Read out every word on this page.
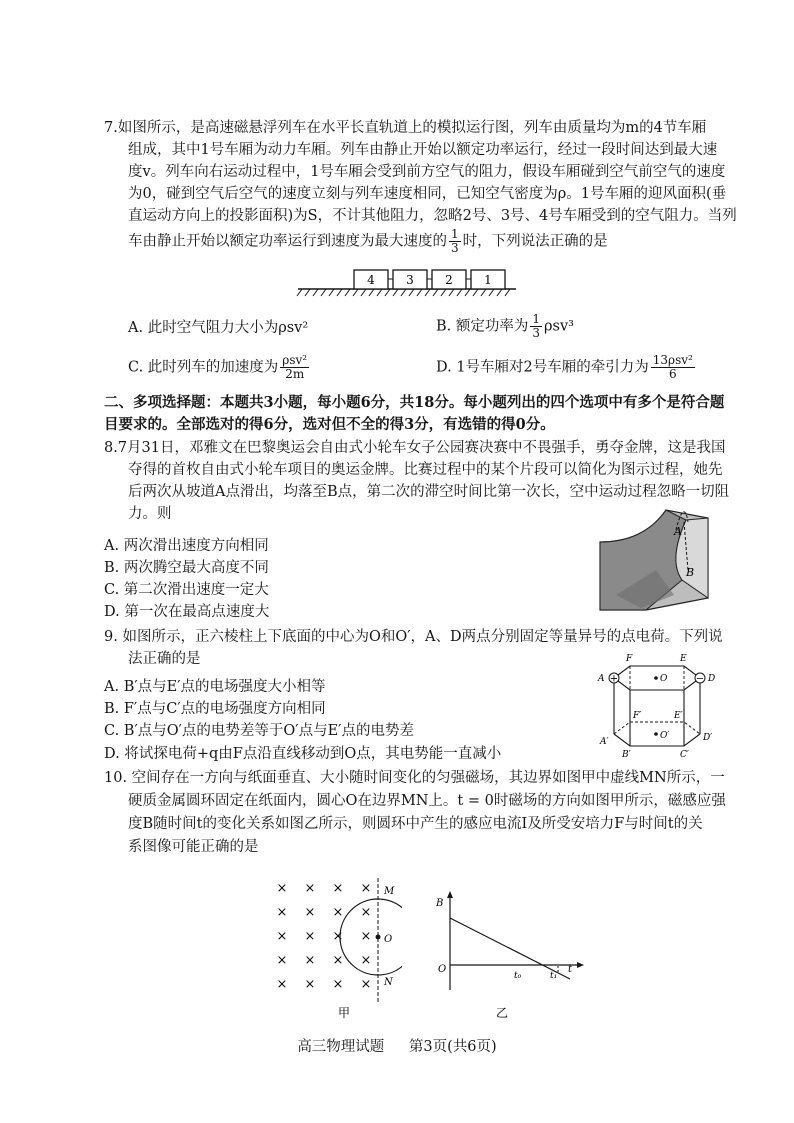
7.如图所示，是高速磁悬浮列车在水平长直轨道上的模拟运行图，列车由质量均为m的4节车厢
组成，其中1号车厢为动力车厢。列车由静止开始以额定功率运行，经过一段时间达到最大速
度v。列车向右运动过程中，1号车厢会受到前方空气的阻力，假设车厢碰到空气前空气的速度
为0，碰到空气后空气的速度立刻与列车速度相同，已知空气密度为ρ。1号车厢的迎风面积(垂
直运动方向上的投影面积)为S，不计其他阻力，忽略2号、3号、4号车厢受到的空气阻力。当列
车由静止开始以额定功率运行到速度为最大速度的 $\frac{1}{3}$ 时，下列说法正确的是
4	3	2	1
A. 此时空气阻力大小为ρsv²	B. 额定功率为 $\frac{1}{3} \rho sv^3$
C. 此时列车的加速度为 $\frac{\text{ρsv²}}{2m}$	D. 1号车厢对2号车厢的牵引力为 $\frac{\text{13ρsv²}}{6}$
二、多项选择题：本题共3小题，每小题6分，共18分。每小题列出的四个选项中有多个是符合题
目要求的。全部选对的得6分，选对但不全的得3分，有选错的得0分。
8.7月31日，邓雅文在巴黎奥运会自由式小轮车女子公园赛决赛中不畏强手，勇夺金牌，这是我国
夺得的首枚自由式小轮车项目的奥运金牌。比赛过程中的某个片段可以简化为图示过程，她先
后两次从坡道A点滑出，均落至B点，第二次的滞空时间比第一次长，空中运动过程忽略一切阻
力。则
A. 两次滑出速度方向相同
B. 两次腾空最大高度不同
C. 第二次滑出速度一定大
D. 第一次在最高点速度大
A
B
9. 如图所示，正六棱柱上下底面的中心为O和O′，A、D两点分别固定等量异号的点电荷。下列说
法正确的是
A. B′点与E′点的电场强度大小相等
B. F′点与C′点的电场强度方向相同
C. B′点与O′点的电势差等于O′点与E′点的电势差
D. 将试探电荷+q由F点沿直线移动到O点，其电势能一直减小
F	E
A	D
O
F′	E′
A′	D′
O′
B′	C′
+	−
10. 空间存在一方向与纸面垂直、大小随时间变化的匀强磁场，其边界如图甲中虚线MN所示，一
硬质金属圆环固定在纸面内，圆心O在边界MN上。t = 0时磁场的方向如图甲所示，磁感应强
度B随时间t的变化关系如图乙所示，则圆环中产生的感应电流I及所受安培力F与时间t的关
系图像可能正确的是
× × × ×
× × × ×
× × × ×
× × × ×
× × × ×
M
O
N
甲
B
O
t₀	t₁
t
乙
高三物理试题 第3页(共6页)
